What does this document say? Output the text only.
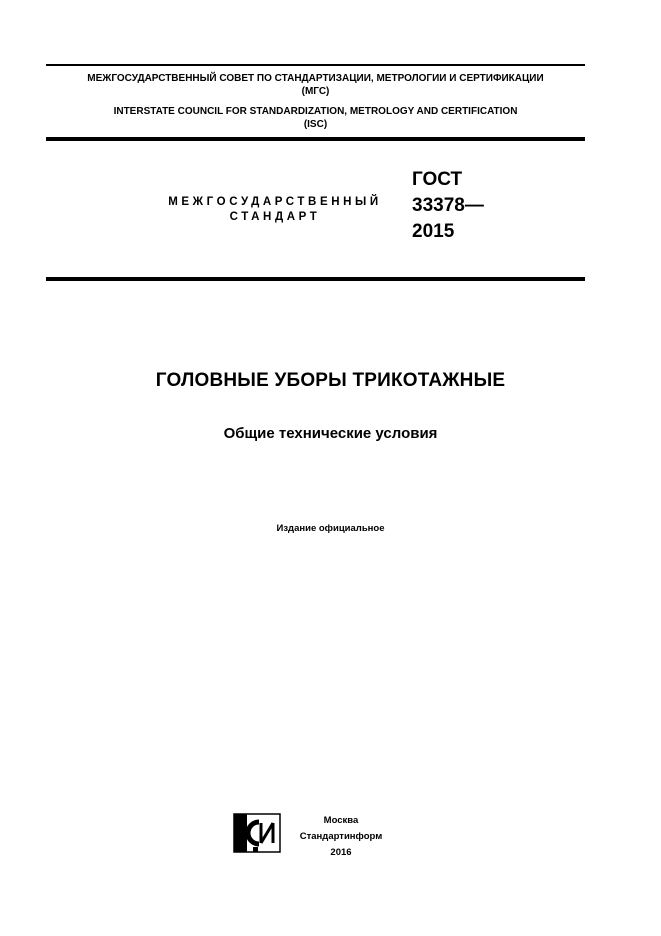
МЕЖГОСУДАРСТВЕННЫЙ СОВЕТ ПО СТАНДАРТИЗАЦИИ, МЕТРОЛОГИИ И СЕРТИФИКАЦИИ
(МГС)
INTERSTATE COUNCIL FOR STANDARDIZATION, METROLOGY AND CERTIFICATION
(ISC)
МЕЖГОСУДАРСТВЕННЫЙ
СТАНДАРТ
ГОСТ
33378—
2015
ГОЛОВНЫЕ УБОРЫ ТРИКОТАЖНЫЕ
Общие технические условия
Издание официальное
Москва
Стандартинформ
2016
